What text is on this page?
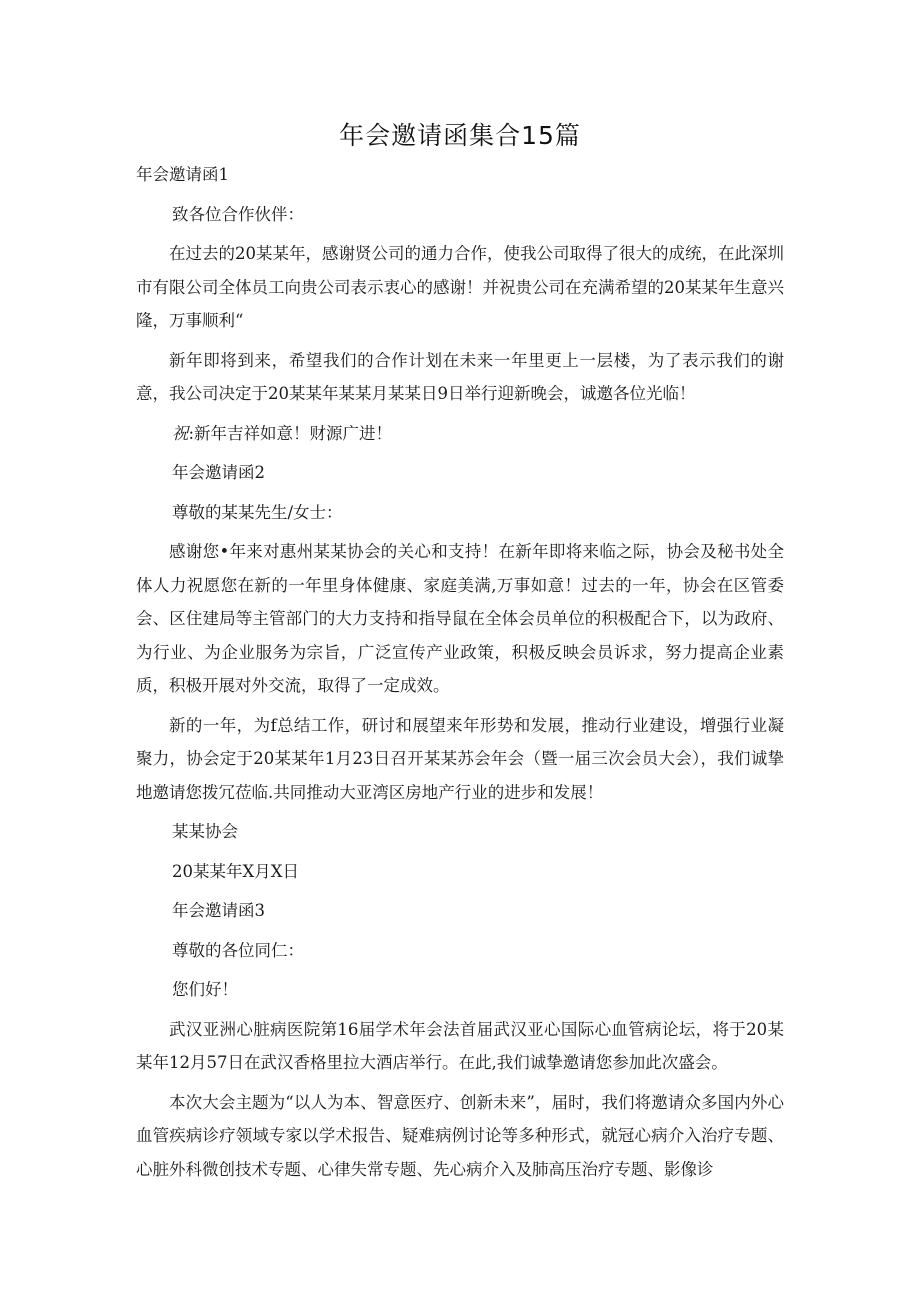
年会邀请函集合15篇
年会邀请函1
致各位合作伙伴：

在过去的20某某年，感谢贤公司的通力合作，使我公司取得了很大的成统，在此深圳市有限公司全体员工向贵公司表示衷心的感谢！并祝贵公司在充满希望的20某某年生意兴隆，万事顺利“

新年即将到来，希望我们的合作计划在未来一年里更上一层楼，为了表示我们的谢意，我公司决定于20某某年某某月某某日9日举行迎新晚会，诚邀各位光临！

祝:新年吉祥如意！财源广进！
年会邀请函2
尊敬的某某先生/女士：

感谢您•年来对惠州某某协会的关心和支持！在新年即将来临之际，协会及秘书处全体人力祝愿您在新的一年里身体健康、家庭美满,万事如意！过去的一年，协会在区管委会、区住建局等主管部门的大力支持和指导鼠在全体会员单位的积极配合下，以为政府、为行业、为企业服务为宗旨，广泛宣传产业政策，积极反映会员诉求，努力提高企业素质，积极开展对外交流，取得了一定成效。

新的一年，为f总结工作，研讨和展望来年形势和发展，推动行业建设，增强行业凝聚力，协会定于20某某年1月23日召开某某苏会年会（暨一届三次会员大会），我们诚挚地邀请您拨冗莅临.共同推动大亚湾区房地产行业的进步和发展！

某某协会
20某某年X月X日
年会邀请函3
尊敬的各位同仁：
您们好！

武汉亚洲心脏病医院第16届学术年会法首届武汉亚心国际心血管病论坛，将于20某某年12月57日在武汉香格里拉大酒店举行。在此,我们诚挚邀请您参加此次盛会。

本次大会主题为“以人为本、智意医疗、创新未来”，届时，我们将邀请众多国内外心血管疾病诊疗领域专家以学术报告、疑难病例讨论等多种形式，就冠心病介入治疗专题、心脏外科微创技术专题、心律失常专题、先心病介入及肺高压治疗专题、影像诊
